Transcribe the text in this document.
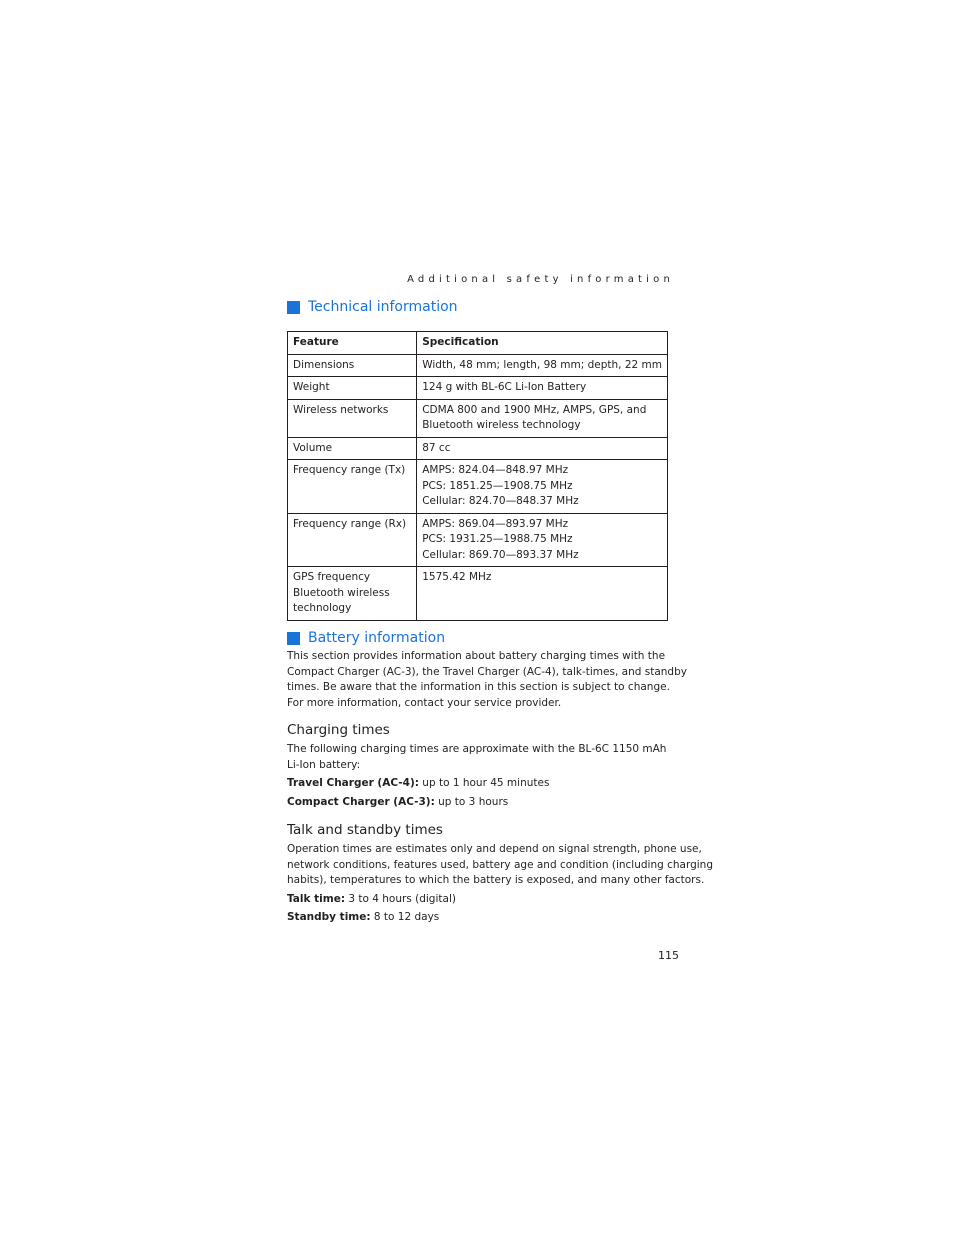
Additional safety information
Technical information
Feature	Specification

Dimensions	Width, 48 mm; length, 98 mm; depth, 22 mm

Weight	124 g with BL-6C Li-Ion Battery

Wireless networks	CDMA 800 and 1900 MHz, AMPS, GPS, and
Bluetooth wireless technology

Volume	87 cc

Frequency range (Tx)	AMPS: 824.04—848.97 MHz
PCS: 1851.25—1908.75 MHz
Cellular: 824.70—848.37 MHz

Frequency range (Rx)	AMPS: 869.04—893.97 MHz
PCS: 1931.25—1988.75 MHz
Cellular: 869.70—893.37 MHz

GPS frequency
Bluetooth wireless
technology	1575.42 MHz
Battery information
This section provides information about battery charging times with the
Compact Charger (AC-3), the Travel Charger (AC-4), talk-times, and standby
times. Be aware that the information in this section is subject to change.
For more information, contact your service provider.
Charging times
The following charging times are approximate with the BL-6C 1150 mAh
Li-Ion battery:
Travel Charger (AC-4): up to 1 hour 45 minutes
Compact Charger (AC-3): up to 3 hours
Talk and standby times
Operation times are estimates only and depend on signal strength, phone use,
network conditions, features used, battery age and condition (including charging
habits), temperatures to which the battery is exposed, and many other factors.
Talk time: 3 to 4 hours (digital)
Standby time: 8 to 12 days
115
